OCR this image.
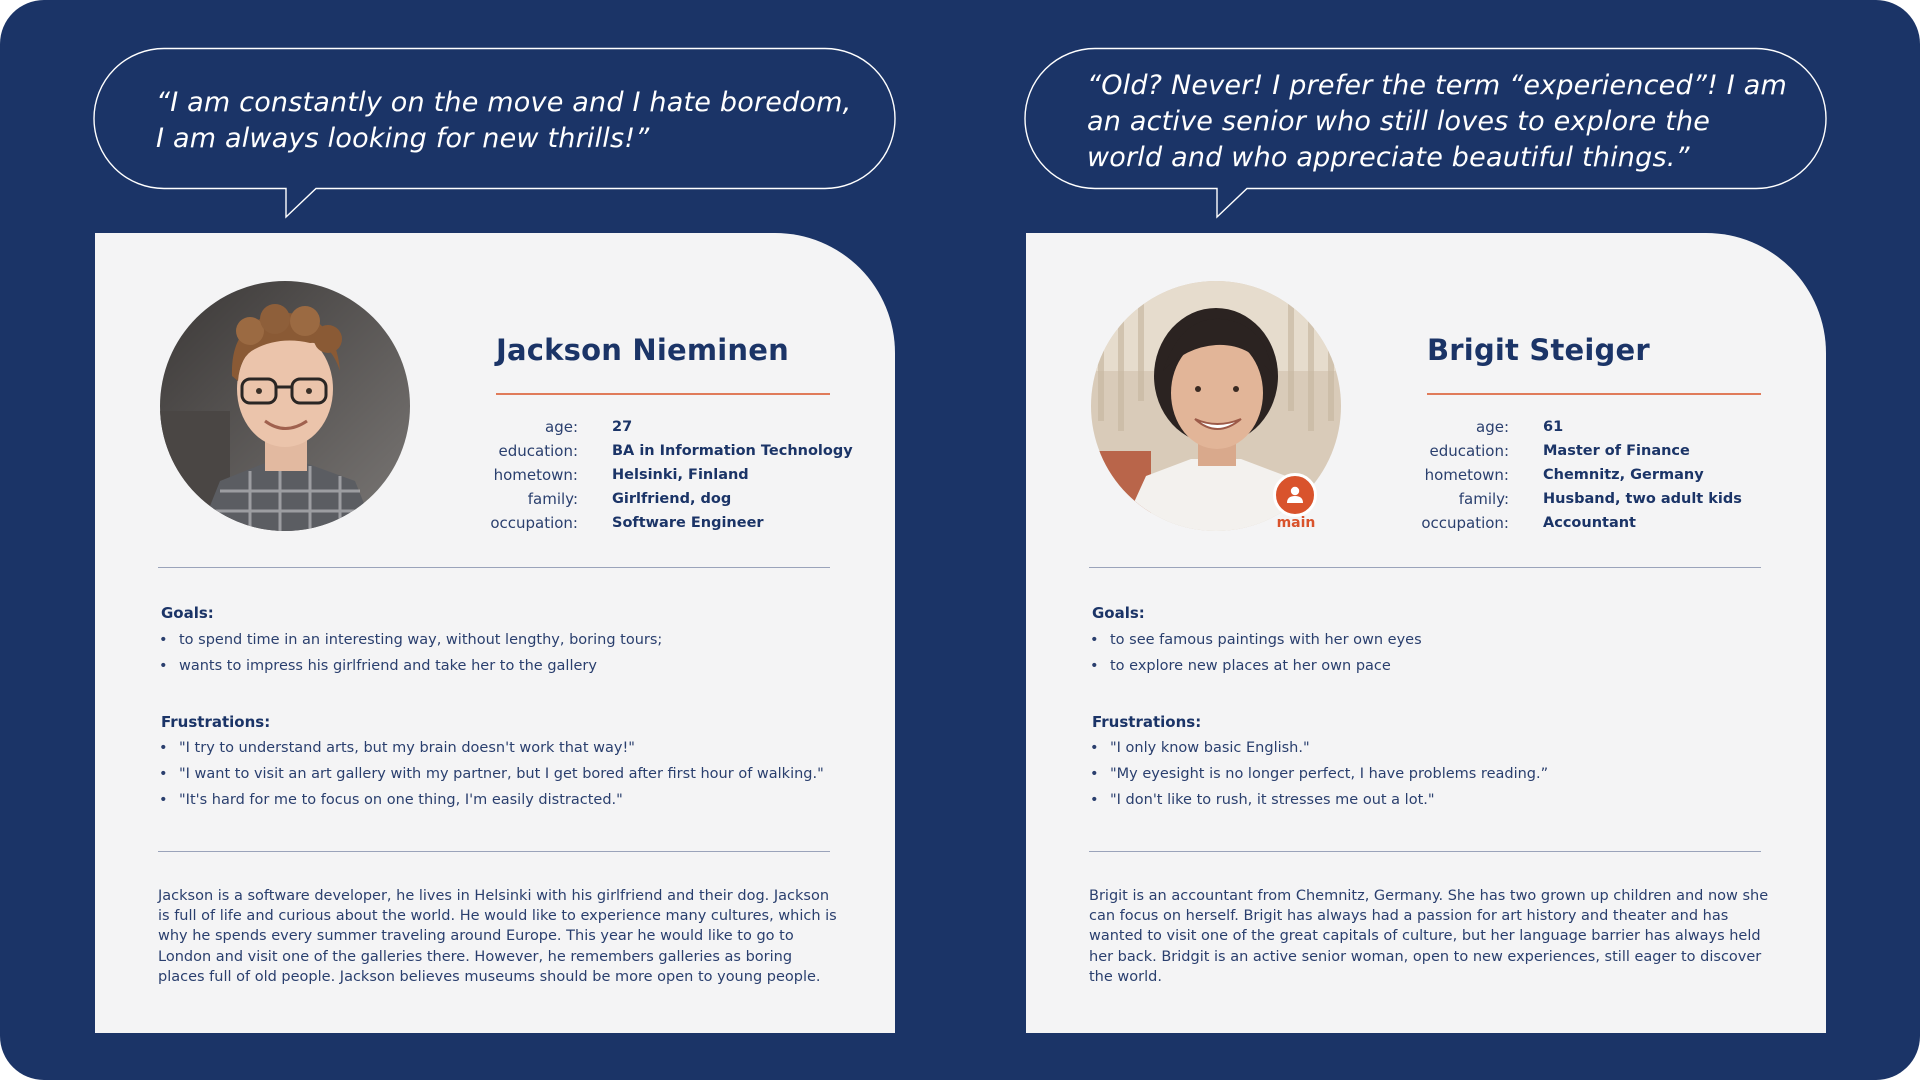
“I am constantly on the move and I hate boredom,
I am always looking for new thrills!”
Jackson Nieminen
age: 27
education: BA in Information Technology
hometown: Helsinki, Finland
family: Girlfriend, dog
occupation: Software Engineer
Goals:
• to spend time in an interesting way, without lengthy, boring tours;
• wants to impress his girlfriend and take her to the gallery
Frustrations:
• "I try to understand arts, but my brain doesn't work that way!"
• "I want to visit an art gallery with my partner, but I get bored after first hour of walking."
• "It's hard for me to focus on one thing, I'm easily distracted."
Jackson is a software developer, he lives in Helsinki with his girlfriend and their dog. Jackson is full of life and curious about the world. He would like to experience many cultures, which is why he spends every summer traveling around Europe. This year he would like to go to London and visit one of the galleries there. However, he remembers galleries as boring places full of old people. Jackson believes museums should be more open to young people.
“Old? Never! I prefer the term “experienced”! I am
an active senior who still loves to explore the
world and who appreciate beautiful things.”
main
Brigit Steiger
age: 61
education: Master of Finance
hometown: Chemnitz, Germany
family: Husband, two adult kids
occupation: Accountant
Goals:
• to see famous paintings with her own eyes
• to explore new places at her own pace
Frustrations:
• "I only know basic English."
• "My eyesight is no longer perfect, I have problems reading.”
• "I don't like to rush, it stresses me out a lot."
Brigit is an accountant from Chemnitz, Germany. She has two grown up children and now she can focus on herself. Brigit has always had a passion for art history and theater and has wanted to visit one of the great capitals of culture, but her language barrier has always held her back. Bridgit is an active senior woman, open to new experiences, still eager to discover the world.
